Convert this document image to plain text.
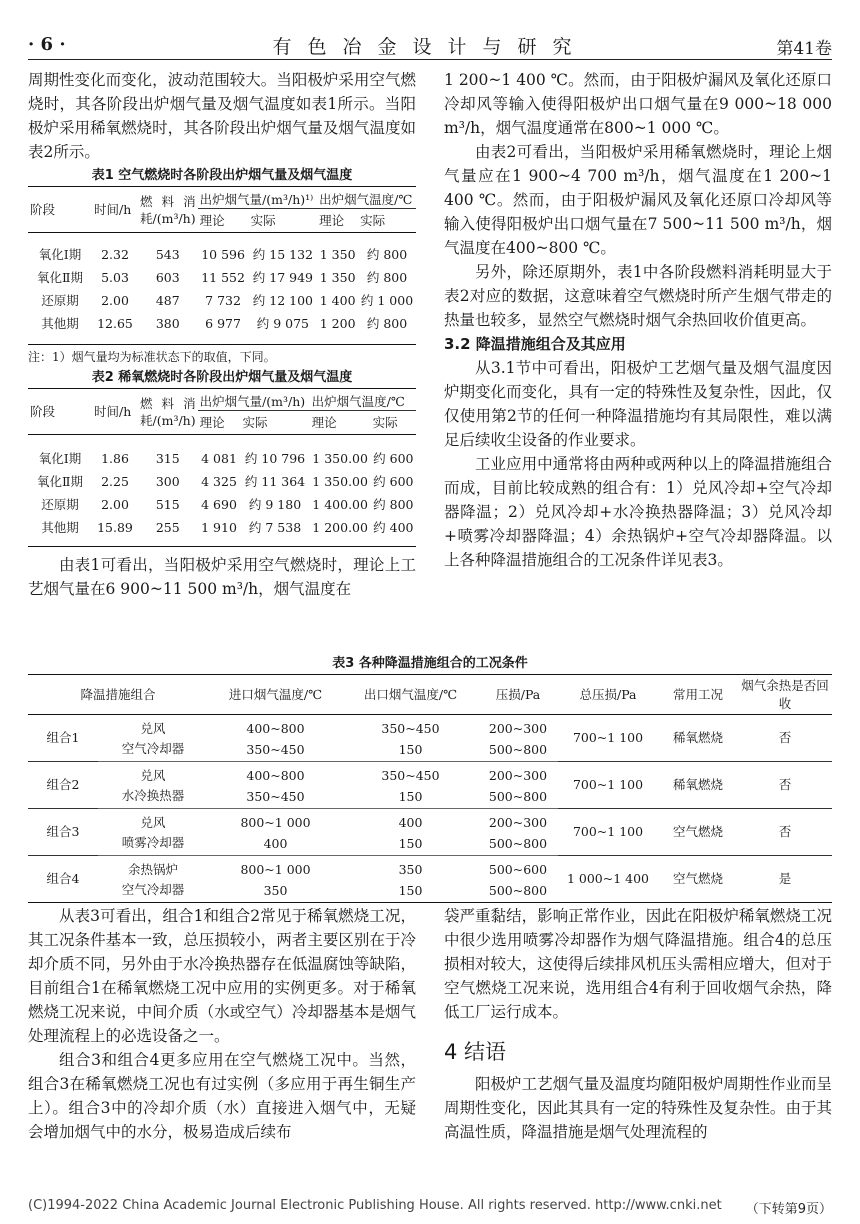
· 6 ·	有色冶金设计与研究	第41卷

周期性变化而变化，波动范围较大。当阳极炉采用空气燃烧时，其各阶段出炉烟气量及烟气温度如表1所示。当阳极炉采用稀氧燃烧时，其各阶段出炉烟气量及烟气温度如表2所示。

表1 空气燃烧时各阶段出炉烟气量及烟气温度
阶段	时间/h	燃料消耗/(m³/h)	出炉烟气量/(m³/h)¹⁾		出炉烟气温度/℃	
			理论	实际	理论	实际

氧化Ⅰ期	2.32	543	10 596	约 15 132	1 350	约 800
氧化Ⅱ期	5.03	603	11 552	约 17 949	1 350	约 800
还原期	2.00	487	7 732	约 12 100	1 400	约 1 000
其他期	12.65	380	6 977	约 9 075	1 200	约 800

注：1）烟气量均为标准状态下的取值，下同。
表2 稀氧燃烧时各阶段出炉烟气量及烟气温度
阶段	时间/h	燃料消耗/(m³/h)	出炉烟气量/(m³/h)		出炉烟气温度/℃	
			理论	实际	理论	实际

氧化Ⅰ期	1.86	315	4 081	约 10 796	1 350.00	约 600
氧化Ⅱ期	2.25	300	4 325	约 11 364	1 350.00	约 600
还原期	2.00	515	4 690	约 9 180	1 400.00	约 800
其他期	15.89	255	1 910	约 7 538	1 200.00	约 400

由表1可看出，当阳极炉采用空气燃烧时，理论上工艺烟气量在6 900~11 500 m³/h，烟气温度在

1 200~1 400 ℃。然而，由于阳极炉漏风及氧化还原口冷却风等输入使得阳极炉出口烟气量在9 000~18 000 m³/h，烟气温度通常在800~1 000 ℃。

由表2可看出，当阳极炉采用稀氧燃烧时，理论上烟气量应在1 900~4 700 m³/h，烟气温度在1 200~1 400 ℃。然而，由于阳极炉漏风及氧化还原口冷却风等输入使得阳极炉出口烟气量在7 500~11 500 m³/h，烟气温度在400~800 ℃。

另外，除还原期外，表1中各阶段燃料消耗明显大于表2对应的数据，这意味着空气燃烧时所产生烟气带走的热量也较多，显然空气燃烧时烟气余热回收价值更高。

3.2 降温措施组合及其应用

从3.1节中可看出，阳极炉工艺烟气量及烟气温度因炉期变化而变化，具有一定的特殊性及复杂性，因此，仅仅使用第2节的任何一种降温措施均有其局限性，难以满足后续收尘设备的作业要求。

工业应用中通常将由两种或两种以上的降温措施组合而成，目前比较成熟的组合有：1）兑风冷却+空气冷却器降温；2）兑风冷却+水冷换热器降温；3）兑风冷却+喷雾冷却器降温；4）余热锅炉+空气冷却器降温。以上各种降温措施组合的工况条件详见表3。

表3 各种降温措施组合的工况条件
降温措施组合		进口烟气温度/℃	出口烟气温度/℃	压损/Pa	总压损/Pa	常用工况	烟气余热是否回收
组合1	兑风	400~800	350~450	200~300	700~1 100	稀氧燃烧	否
	空气冷却器	350~450	150	500~800			
组合2	兑风	400~800	350~450	200~300	700~1 100	稀氧燃烧	否
	水冷换热器	350~450	150	500~800			
组合3	兑风	800~1 000	400	200~300	700~1 100	空气燃烧	否
	喷雾冷却器	400	150	500~800			
组合4	余热锅炉	800~1 000	350	500~600	1 000~1 400	空气燃烧	是
	空气冷却器	350	150	500~800			

从表3可看出，组合1和组合2常见于稀氧燃烧工况，其工况条件基本一致，总压损较小，两者主要区别在于冷却介质不同，另外由于水冷换热器存在低温腐蚀等缺陷，目前组合1在稀氧燃烧工况中应用的实例更多。对于稀氧燃烧工况来说，中间介质（水或空气）冷却器基本是烟气处理流程上的必选设备之一。

组合3和组合4更多应用在空气燃烧工况中。当然，组合3在稀氧燃烧工况也有过实例（多应用于再生铜生产上）。组合3中的冷却介质（水）直接进入烟气中，无疑会增加烟气中的水分，极易造成后续布

袋严重黏结，影响正常作业，因此在阳极炉稀氧燃烧工况中很少选用喷雾冷却器作为烟气降温措施。组合4的总压损相对较大，这使得后续排风机压头需相应增大，但对于空气燃烧工况来说，选用组合4有利于回收烟气余热，降低工厂运行成本。

4 结语

阳极炉工艺烟气量及温度均随阳极炉周期性作业而呈周期性变化，因此其具有一定的特殊性及复杂性。由于其高温性质，降温措施是烟气处理流程的

(C)1994-2022 China Academic Journal Electronic Publishing House. All rights reserved. http://www.cnki.net （下转第9页）
